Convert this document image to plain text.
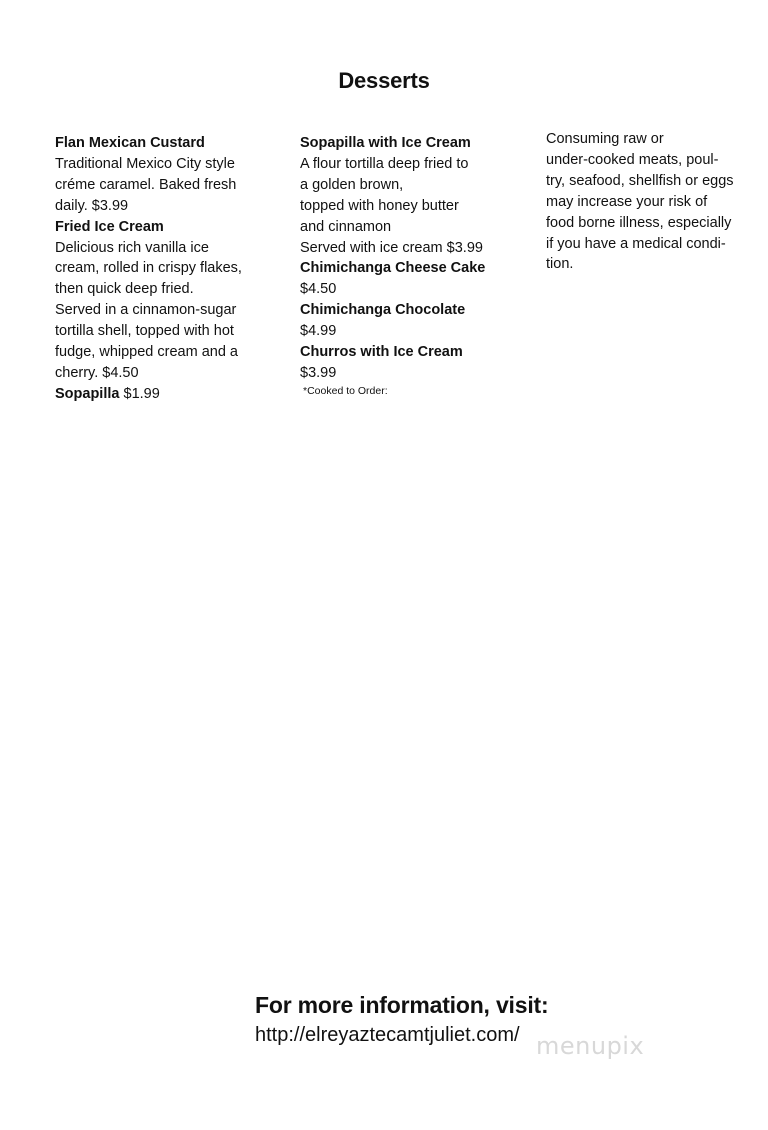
Desserts
Flan Mexican Custard
Traditional Mexico City style
créme caramel. Baked fresh
daily. $3.99
Fried Ice Cream
Delicious rich vanilla ice
cream, rolled in crispy flakes,
then quick deep fried.
Served in a cinnamon-sugar
tortilla shell, topped with hot
fudge, whipped cream and a
cherry. $4.50
Sopapilla $1.99
Sopapilla with Ice Cream
A flour tortilla deep fried to
a golden brown,
topped with honey butter
and cinnamon
Served with ice cream $3.99
Chimichanga Cheese Cake
$4.50
Chimichanga Chocolate
$4.99
Churros with Ice Cream
$3.99
*Cooked to Order:
Consuming raw or
under-cooked meats, poul-
try, seafood, shellfish or eggs
may increase your risk of
food borne illness, especially
if you have a medical condi-
tion.
For more information, visit:
http://elreyaztecamtjuliet.com/ menupix
